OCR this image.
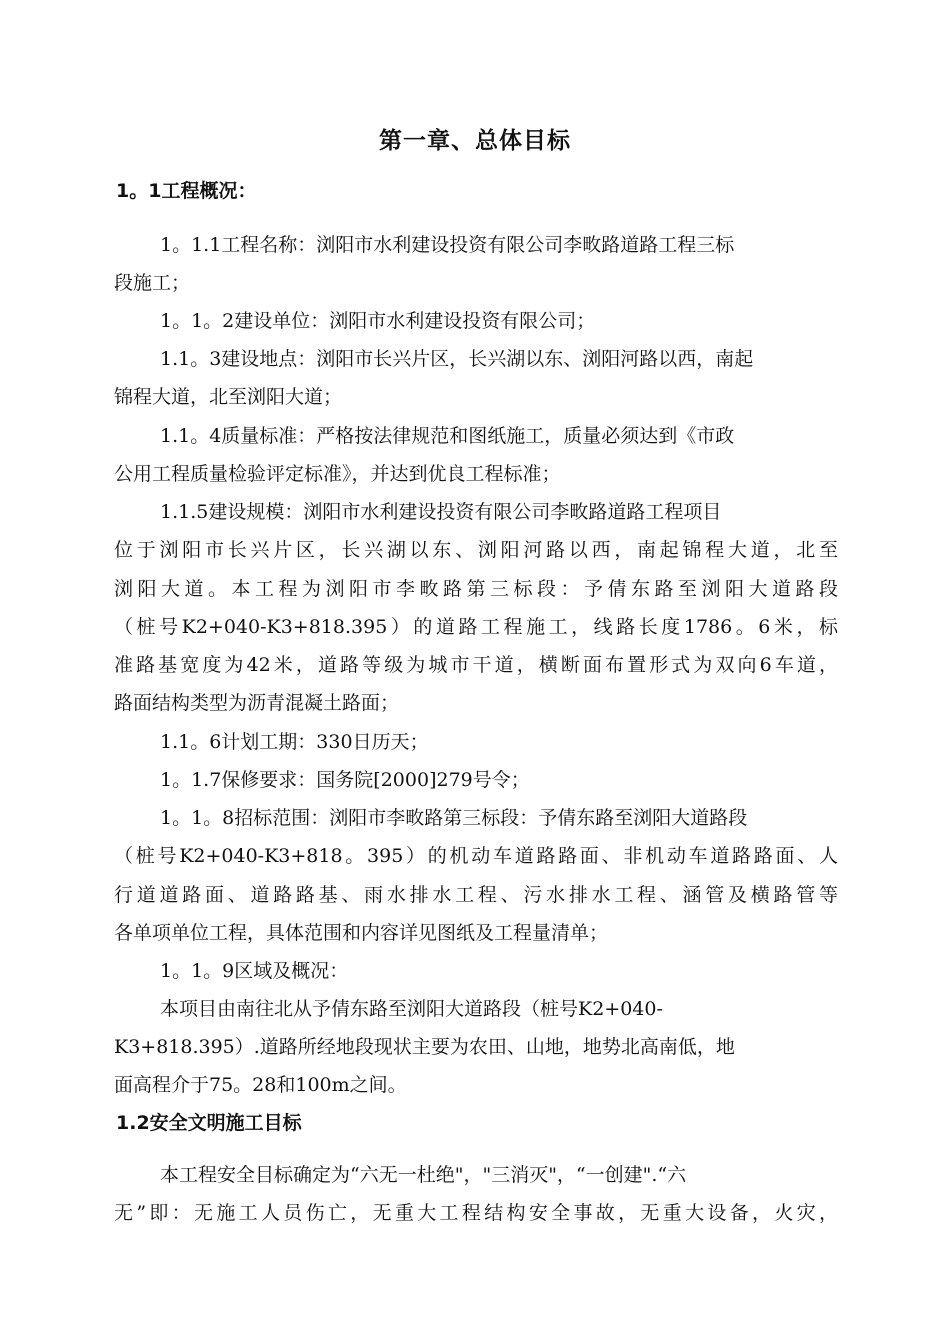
第一章、总体目标
1。1工程概况：

1。1.1工程名称：浏阳市水利建设投资有限公司李畋路道路工程三标

段施工；

1。1。2建设单位：浏阳市水利建设投资有限公司；

1.1。3建设地点：浏阳市长兴片区，长兴湖以东、浏阳河路以西，南起

锦程大道，北至浏阳大道；

1.1。4质量标准：严格按法律规范和图纸施工，质量必须达到《市政

公用工程质量检验评定标准》，并达到优良工程标准；

1.1.5建设规模：浏阳市水利建设投资有限公司李畋路道路工程项目

位于浏阳市长兴片区，长兴湖以东、浏阳河路以西，南起锦程大道，北至

浏阳大道。本工程为浏阳市李畋路第三标段：予倩东路至浏阳大道路段

（桩号K2+040-K3+818.395）的道路工程施工，线路长度1786。6米，标

准路基宽度为42米，道路等级为城市干道，横断面布置形式为双向6车道，

路面结构类型为沥青混凝土路面；

1.1。6计划工期：330日历天；

1。1.7保修要求：国务院[2000]279号令；

1。1。8招标范围：浏阳市李畋路第三标段：予倩东路至浏阳大道路段

（桩号K2+040-K3+818。395）的机动车道路路面、非机动车道路路面、人

行道道路面、道路路基、雨水排水工程、污水排水工程、涵管及横路管等

各单项单位工程，具体范围和内容详见图纸及工程量清单；

1。1。9区域及概况：

本项目由南往北从予倩东路至浏阳大道路段（桩号K2+040-

K3+818.395）.道路所经地段现状主要为农田、山地，地势北高南低，地

面高程介于75。28和100m之间。

1.2安全文明施工目标

本工程安全目标确定为“六无一杜绝"，"三消灭"，“一创建".“六

无”即：无施工人员伤亡，无重大工程结构安全事故，无重大设备，火灾，
